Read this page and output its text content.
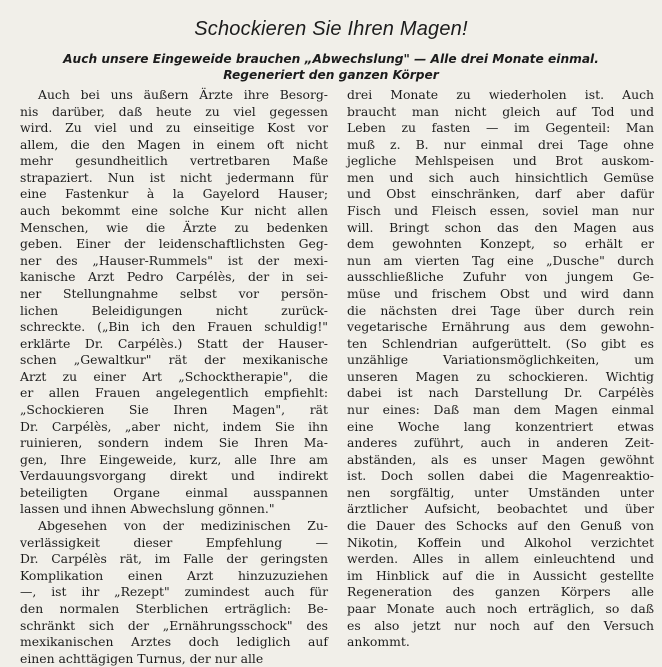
Schockieren Sie Ihren Magen!
Auch unsere Eingeweide brauchen „Abwechslung" — Alle drei Monate einmal.
Regeneriert den ganzen Körper
Auch bei uns äußern Ärzte ihre Besorg-
nis darüber, daß heute zu viel gegessen
wird. Zu viel und zu einseitige Kost vor
allem, die den Magen in einem oft nicht
mehr gesundheitlich vertretbaren Maße
strapaziert. Nun ist nicht jedermann für
eine Fastenkur à la Gayelord Hauser;
auch bekommt eine solche Kur nicht allen
Menschen, wie die Ärzte zu bedenken
geben. Einer der leidenschaftlichsten Geg-
ner des „Hauser-Rummels" ist der mexi-
kanische Arzt Pedro Carpélès, der in sei-
ner Stellungnahme selbst vor persön-
lichen Beleidigungen nicht zurück-
schreckte. („Bin ich den Frauen schuldig!"
erklärte Dr. Carpélès.) Statt der Hauser-
schen „Gewaltkur" rät der mexikanische
Arzt zu einer Art „Schocktherapie", die
er allen Frauen angelegentlich empfiehlt:
„Schockieren Sie Ihren Magen", rät
Dr. Carpélès, „aber nicht, indem Sie ihn
ruinieren, sondern indem Sie Ihren Ma-
gen, Ihre Eingeweide, kurz, alle Ihre am
Verdauungsvorgang direkt und indirekt
beteiligten Organe einmal ausspannen
lassen und ihnen Abwechslung gönnen."
Abgesehen von der medizinischen Zu-
verlässigkeit dieser Empfehlung —
Dr. Carpélès rät, im Falle der geringsten
Komplikation einen Arzt hinzuzuziehen
—, ist ihr „Rezept" zumindest auch für
den normalen Sterblichen erträglich: Be-
schränkt sich der „Ernährungsschock" des
mexikanischen Arztes doch lediglich auf
einen achttägigen Turnus, der nur alle
drei Monate zu wiederholen ist. Auch
braucht man nicht gleich auf Tod und
Leben zu fasten — im Gegenteil: Man
muß z. B. nur einmal drei Tage ohne
jegliche Mehlspeisen und Brot auskom-
men und sich auch hinsichtlich Gemüse
und Obst einschränken, darf aber dafür
Fisch und Fleisch essen, soviel man nur
will. Bringt schon das den Magen aus
dem gewohnten Konzept, so erhält er
nun am vierten Tag eine „Dusche" durch
ausschließliche Zufuhr von jungem Ge-
müse und frischem Obst und wird dann
die nächsten drei Tage über durch rein
vegetarische Ernährung aus dem gewohn-
ten Schlendrian aufgerüttelt. (So gibt es
unzählige Variationsmöglichkeiten, um
unseren Magen zu schockieren. Wichtig
dabei ist nach Darstellung Dr. Carpélès
nur eines: Daß man dem Magen einmal
eine Woche lang konzentriert etwas
anderes zuführt, auch in anderen Zeit-
abständen, als es unser Magen gewöhnt
ist. Doch sollen dabei die Magenreaktio-
nen sorgfältig, unter Umständen unter
ärztlicher Aufsicht, beobachtet und über
die Dauer des Schocks auf den Genuß von
Nikotin, Koffein und Alkohol verzichtet
werden. Alles in allem einleuchtend und
im Hinblick auf die in Aussicht gestellte
Regeneration des ganzen Körpers alle
paar Monate auch noch erträglich, so daß
es also jetzt nur noch auf den Versuch
ankommt.
